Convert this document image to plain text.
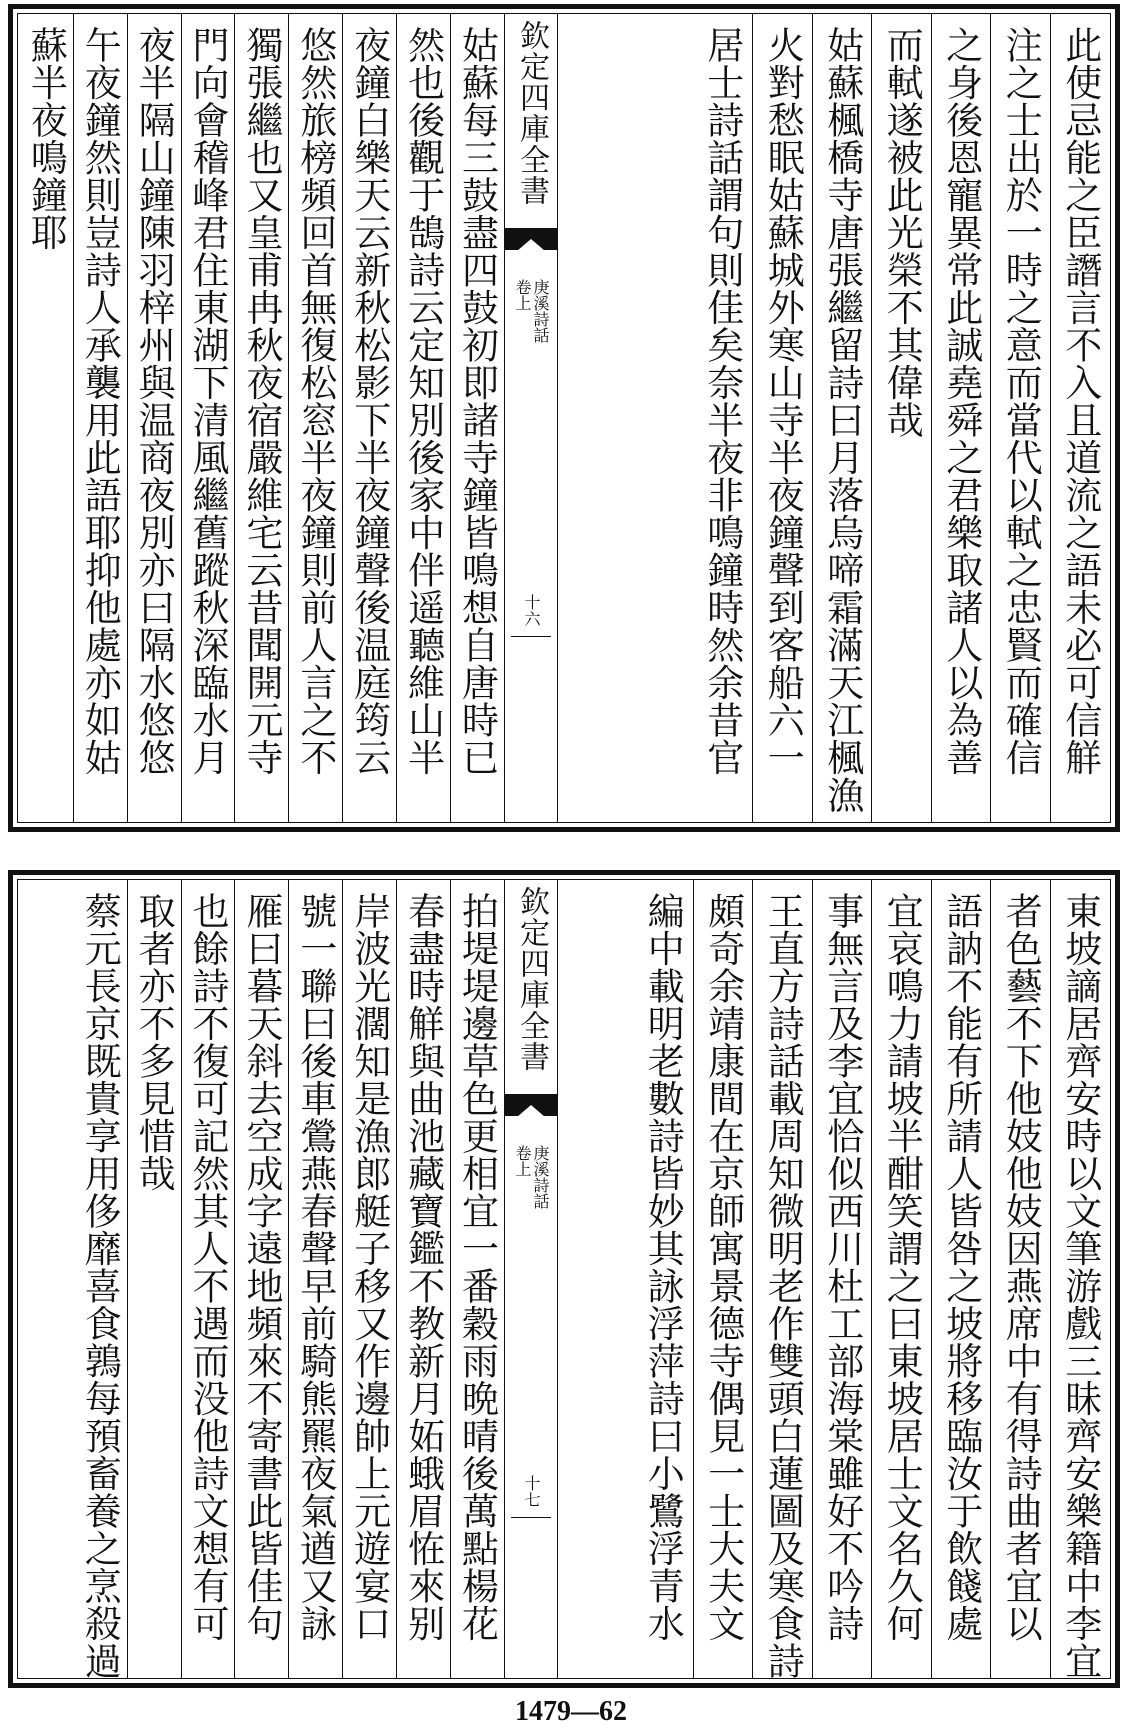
此使忌能之臣譖言不入且道流之語未必可信觧
注之士出於一時之意而當代以軾之忠賢而確信
之身後恩寵異常此誠堯舜之君樂取諸人以為善
而軾遂被此光榮不其偉哉
姑蘇楓橋寺唐張繼留詩曰月落烏啼霜滿天江楓漁
火對愁眠姑蘇城外寒山寺半夜鐘聲到客船六一
居士詩話謂句則佳矣奈半夜非鳴鐘時然余昔官
姑蘇每三鼓盡四鼓初即諸寺鐘皆鳴想自唐時已
然也後觀于鵠詩云定知別後家中伴遥聽維山半
夜鐘白樂天云新秋松影下半夜鐘聲後温庭筠云
悠然旅榜頻回首無復松窓半夜鐘則前人言之不
獨張繼也又皇甫冉秋夜宿嚴維宅云昔聞開元寺
門向會稽峰君住東湖下清風繼舊蹤秋深臨水月
夜半隔山鐘陳羽梓州與温商夜別亦曰隔水悠悠
午夜鐘然則豈詩人承襲用此語耶抑他處亦如姑
蘇半夜鳴鐘耶	欽定四庫全書
庚溪詩話
卷上
十六
東坡謫居齊安時以文筆游戲三昧齊安樂籍中李宜
者色藝不下他妓他妓因燕席中有得詩曲者宜以
語訥不能有所請人皆咎之坡將移臨汝于飲餞處
宜哀鳴力請坡半酣笑謂之曰東坡居士文名久何
事無言及李宜恰似西川杜工部海棠雖好不吟詩
王直方詩話載周知微明老作雙頭白蓮圖及寒食詩
頗奇余靖康間在京師寓景德寺偶見一士大夫文
編中載明老數詩皆妙其詠浮萍詩曰小鷺浮青水
拍堤堤邊草色更相宜一番穀雨晩晴後萬點楊花
春盡時觧與曲池藏寶鑑不教新月妬蛾眉恠來别
岸波光濶知是漁郎艇子移又作邊帥上元遊宴口
號一聯曰後車鶯燕春聲早前騎熊羆夜氣遒又詠
雁曰暮天斜去空成字遠地頻來不寄書此皆佳句
也餘詩不復可記然其人不遇而没他詩文想有可
取者亦不多見惜哉
蔡元長京既貴享用侈靡喜食鶉每預畜養之烹殺過	欽定四庫全書
庚溪詩話
卷上
十七
1479—62
